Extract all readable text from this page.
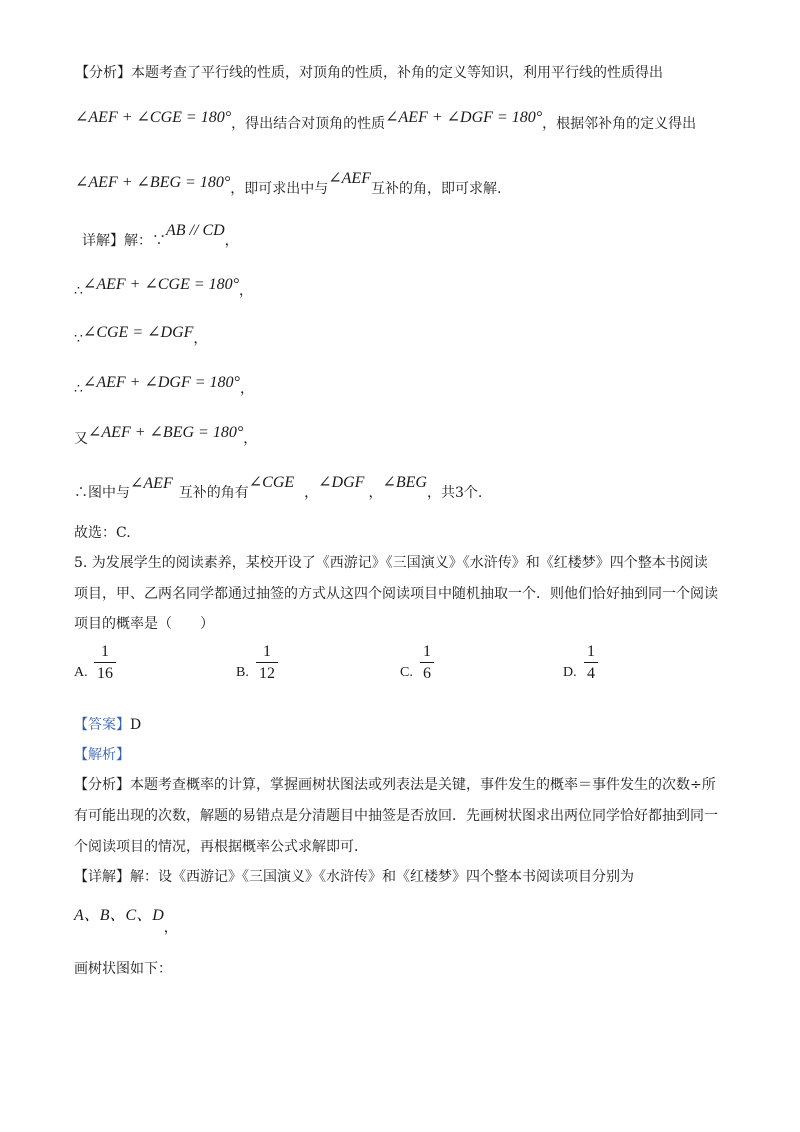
【分析】本题考查了平行线的性质，对顶角的性质，补角的定义等知识，利用平行线的性质得出
∠AEF + ∠CGE = 180°，得出结合对顶角的性质∠AEF + ∠DGF = 180°，根据邻补角的定义得出
∠AEF + ∠BEG = 180°，即可求出中与∠AEF互补的角，即可求解.
详解】解：∵AB // CD，
∴∠AEF + ∠CGE = 180°，
∵∠CGE = ∠DGF，
∴∠AEF + ∠DGF = 180°，
又∠AEF + ∠BEG = 180°，
∴图中与∠AEF互补的角有∠CGE，∠DGF，∠BEG，共3个.
故选：C.
5. 为发展学生的阅读素养，某校开设了《西游记》《三国演义》《水浒传》和《红楼梦》四个整本书阅读
项目，甲、乙两名同学都通过抽签的方式从这四个阅读项目中随机抽取一个．则他们恰好抽到同一个阅读
项目的概率是（　　）
A.
1
16	B.
1
12	C.
1
6	D.
1
4
【答案】D
【解析】
【分析】本题考查概率的计算，掌握画树状图法或列表法是关键，事件发生的概率＝事件发生的次数÷所
有可能出现的次数，解题的易错点是分清题目中抽签是否放回．先画树状图求出两位同学恰好都抽到同一
个阅读项目的情况，再根据概率公式求解即可．
【详解】解：设《西游记》《三国演义》《水浒传》和《红楼梦》四个整本书阅读项目分别为
A、B、C、D，
画树状图如下：
